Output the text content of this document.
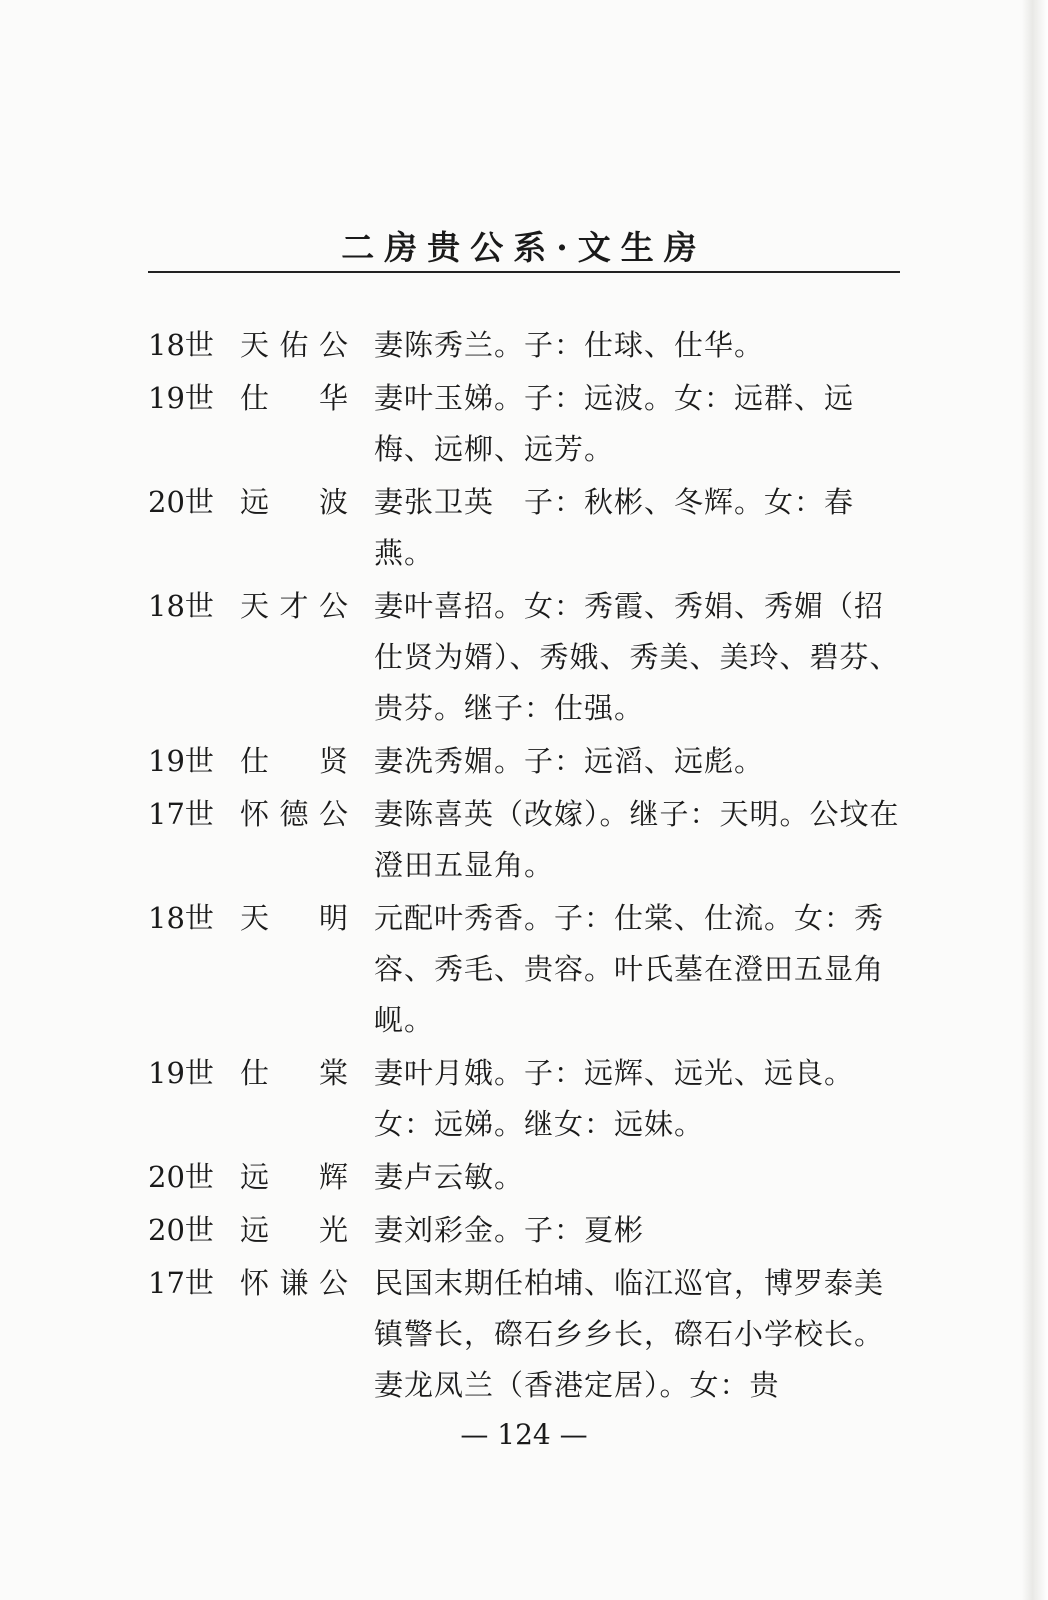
二房贵公系·文生房
18世 天佑公 妻陈秀兰。子：仕球、仕华。
19世 仕　华 妻叶玉娣。子：远波。女：远群、远梅、远柳、远芳。
20世 远　波 妻张卫英　子：秋彬、冬辉。女：春燕。
18世 天才公 妻叶喜招。女：秀霞、秀娟、秀媚（招仕贤为婿）、秀娥、秀美、美玲、碧芬、贵芬。继子：仕强。
19世 仕　贤 妻冼秀媚。子：远滔、远彪。
17世 怀德公 妻陈喜英（改嫁）。继子：天明。公坟在澄田五显角。
18世 天　明 元配叶秀香。子：仕棠、仕流。女：秀容、秀毛、贵容。叶氏墓在澄田五显角岘。
19世 仕　棠 妻叶月娥。子：远辉、远光、远良。女：远娣。继女：远妹。
20世 远　辉 妻卢云敏。
20世 远　光 妻刘彩金。子：夏彬
17世 怀谦公 民国末期任柏埔、临江巡官，博罗泰美镇警长，磜石乡乡长，磜石小学校长。妻龙凤兰（香港定居）。女：贵
— 124 —
